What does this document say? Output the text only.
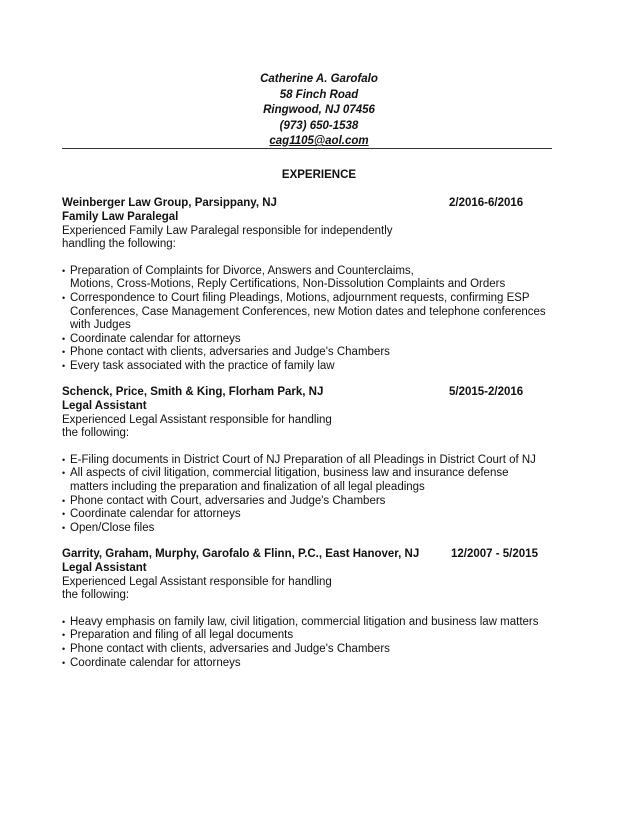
Catherine A. Garofalo
58 Finch Road
Ringwood, NJ 07456
(973) 650-1538
cag1105@aol.com
EXPERIENCE
Weinberger Law Group, Parsippany, NJ	2/2016-6/2016
Family Law Paralegal
Experienced Family Law Paralegal responsible for independently
handling the following:
• Preparation of Complaints for Divorce, Answers and Counterclaims,
Motions, Cross-Motions, Reply Certifications, Non-Dissolution Complaints and Orders
• Correspondence to Court filing Pleadings, Motions, adjournment requests, confirming ESP
Conferences, Case Management Conferences, new Motion dates and telephone conferences
with Judges
• Coordinate calendar for attorneys
• Phone contact with clients, adversaries and Judge's Chambers
• Every task associated with the practice of family law
Schenck, Price, Smith & King, Florham Park, NJ	5/2015-2/2016
Legal Assistant
Experienced Legal Assistant responsible for handling
the following:
• E-Filing documents in District Court of NJ Preparation of all Pleadings in District Court of NJ
• All aspects of civil litigation, commercial litigation, business law and insurance defense
matters including the preparation and finalization of all legal pleadings
• Phone contact with Court, adversaries and Judge's Chambers
• Coordinate calendar for attorneys
• Open/Close files
Garrity, Graham, Murphy, Garofalo & Flinn, P.C., East Hanover, NJ	12/2007 - 5/2015
Legal Assistant
Experienced Legal Assistant responsible for handling
the following:
• Heavy emphasis on family law, civil litigation, commercial litigation and business law matters
• Preparation and filing of all legal documents
• Phone contact with clients, adversaries and Judge's Chambers
• Coordinate calendar for attorneys
